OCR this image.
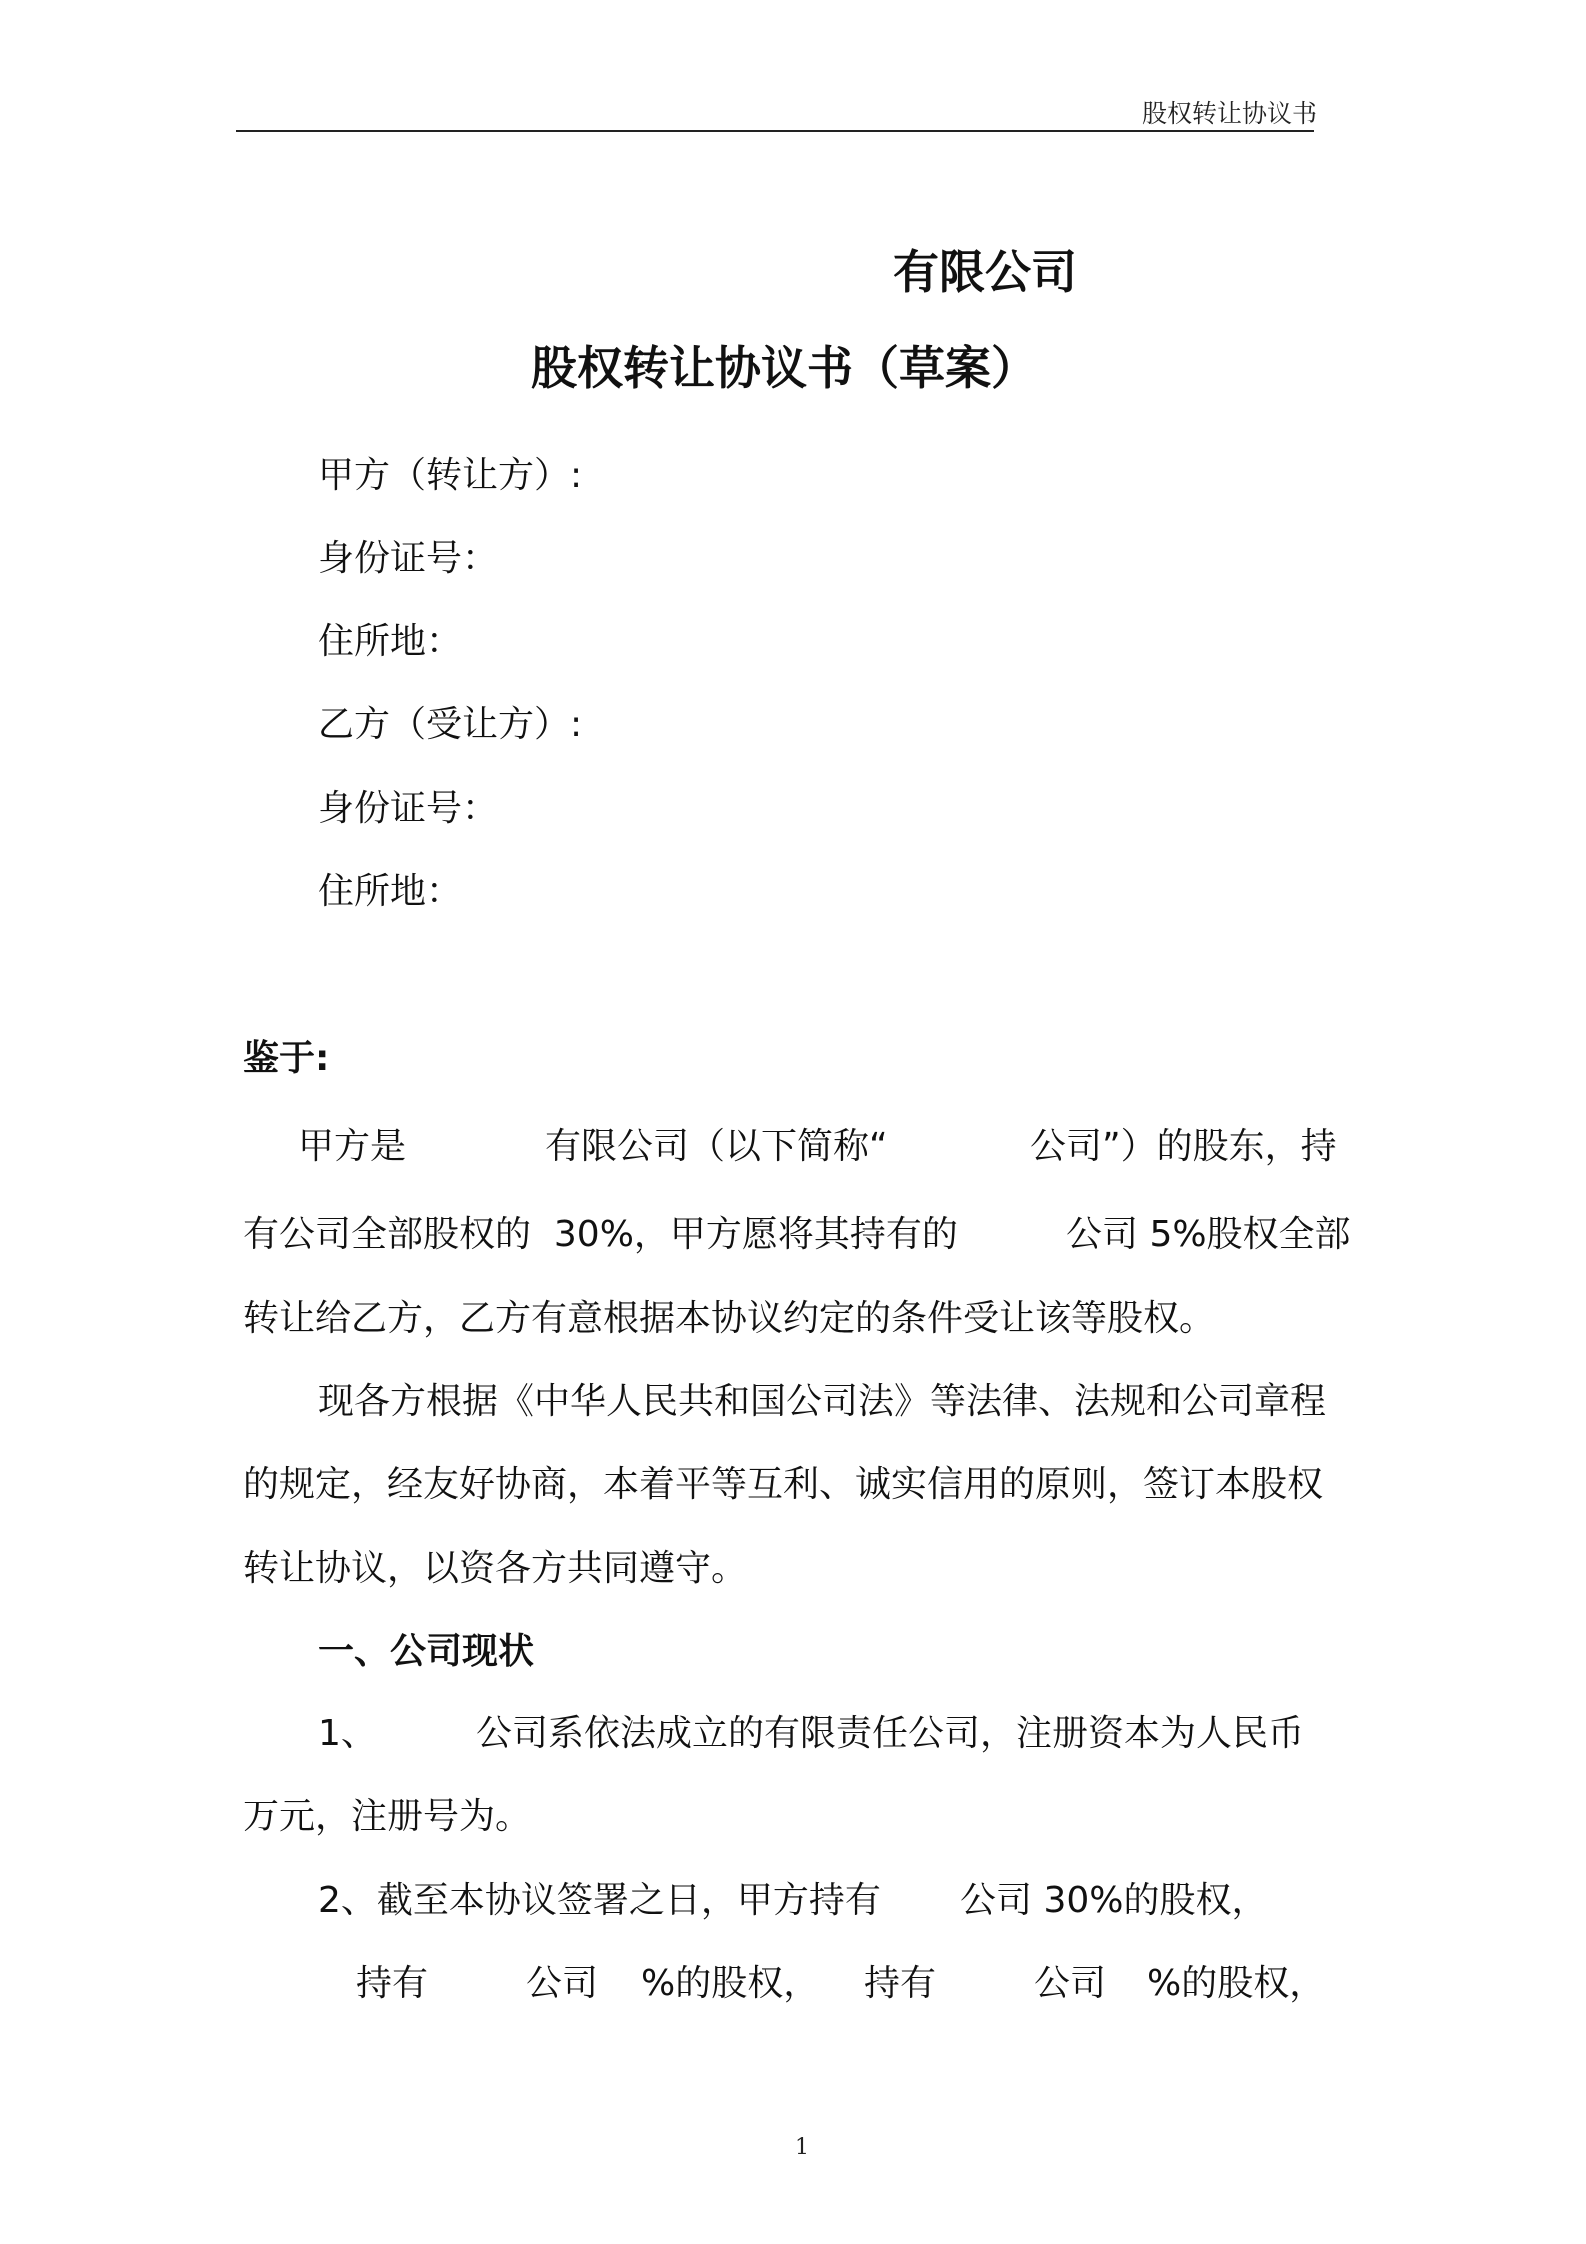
股权转让协议书
有限公司
股权转让协议书（草案）
甲方（转让方）:
身份证号：
住所地：
乙方（受让方）:
身份证号：
住所地：
鉴于:
甲方是	有限公司（以下简称“	公司”）的股东，持
有公司全部股权的  30%，甲方愿将其持有的	公司 5%股权全部
转让给乙方，乙方有意根据本协议约定的条件受让该等股权。
现各方根据《中华人民共和国公司法》等法律、法规和公司章程
的规定，经友好协商，本着平等互利、诚实信用的原则，签订本股权
转让协议，以资各方共同遵守。
一、公司现状
1、	公司系依法成立的有限责任公司，注册资本为人民币
万元，注册号为。
2、截至本协议签署之日，甲方持有 公司 30%的股权，
持有	公司 %的股权， 持有	公司 %的股权，
1
